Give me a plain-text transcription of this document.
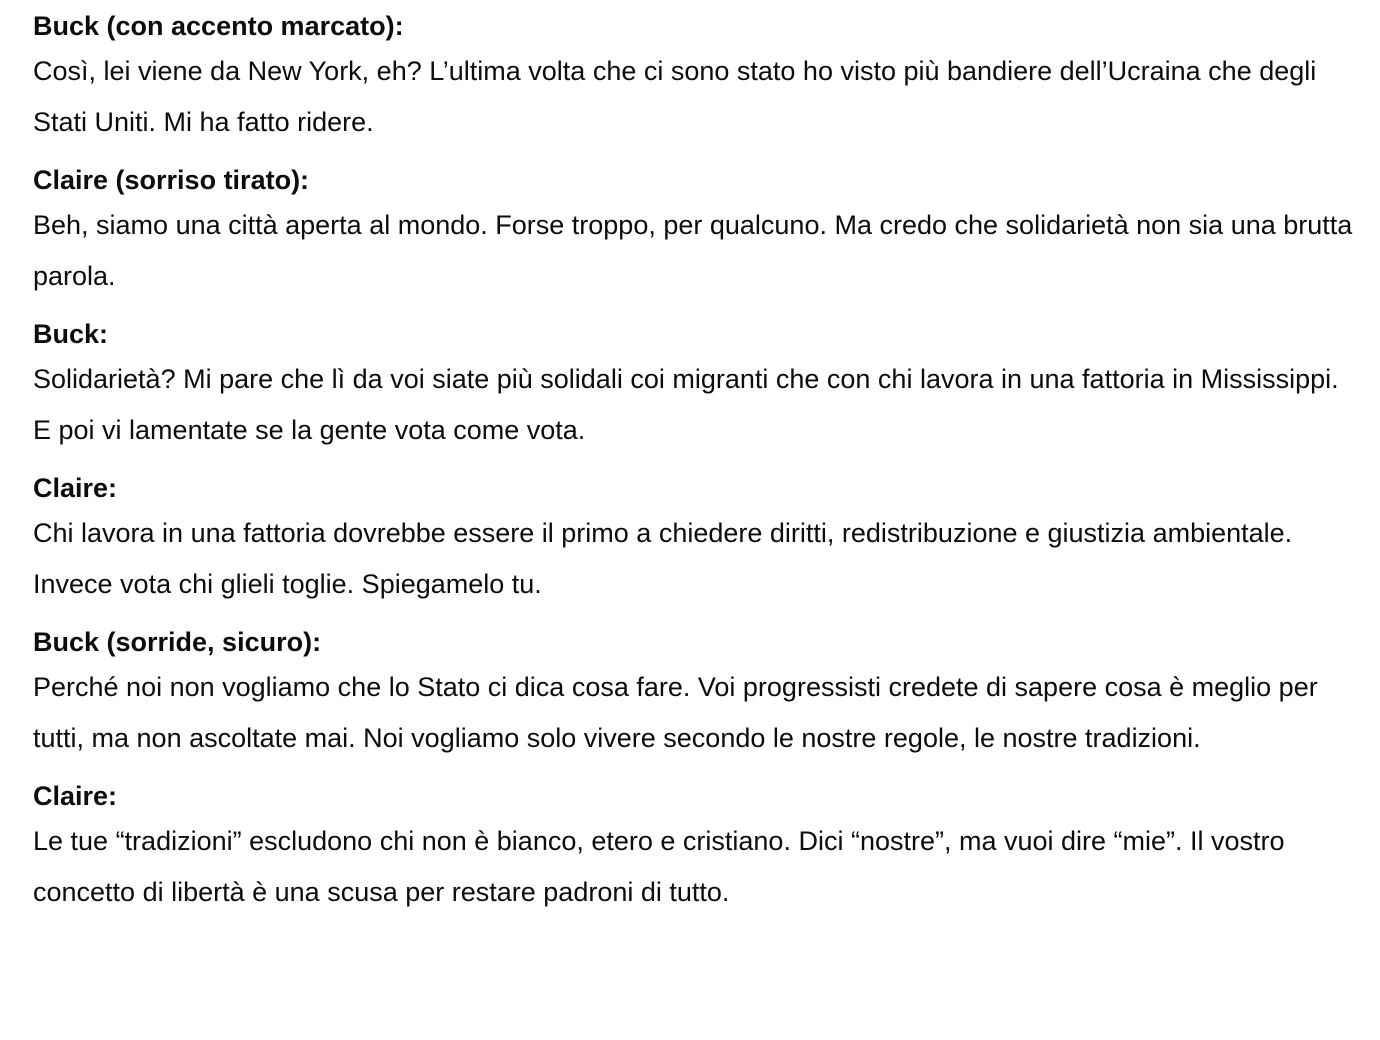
Buck (con accento marcato):
Così, lei viene da New York, eh? L’ultima volta che ci sono stato ho visto più bandiere dell’Ucraina che degli Stati Uniti. Mi ha fatto ridere.
Claire (sorriso tirato):
Beh, siamo una città aperta al mondo. Forse troppo, per qualcuno. Ma credo che solidarietà non sia una brutta parola.
Buck:
Solidarietà? Mi pare che lì da voi siate più solidali coi migranti che con chi lavora in una fattoria in Mississippi. E poi vi lamentate se la gente vota come vota.
Claire:
Chi lavora in una fattoria dovrebbe essere il primo a chiedere diritti, redistribuzione e giustizia ambientale. Invece vota chi glieli toglie. Spiegamelo tu.
Buck (sorride, sicuro):
Perché noi non vogliamo che lo Stato ci dica cosa fare. Voi progressisti credete di sapere cosa è meglio per tutti, ma non ascoltate mai. Noi vogliamo solo vivere secondo le nostre regole, le nostre tradizioni.
Claire:
Le tue “tradizioni” escludono chi non è bianco, etero e cristiano. Dici “nostre”, ma vuoi dire “mie”. Il vostro concetto di libertà è una scusa per restare padroni di tutto.
